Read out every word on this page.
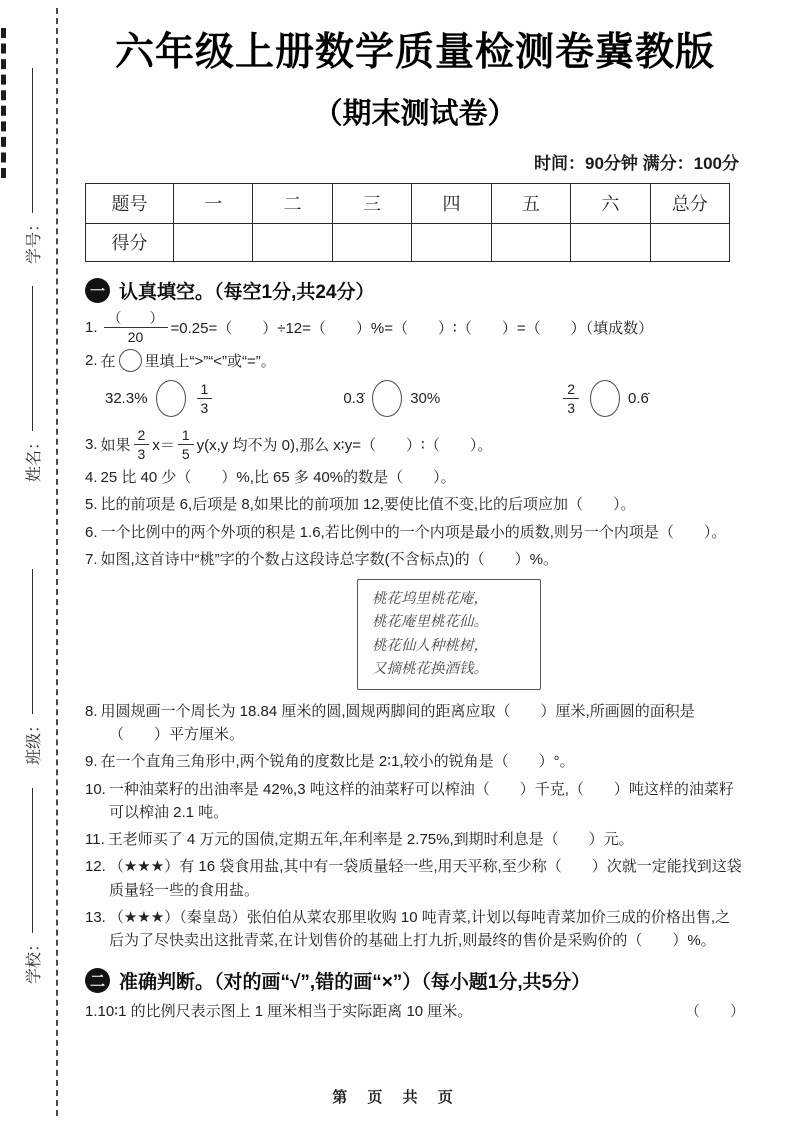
学号：
姓名：
班级：
学校：
六年级上册数学质量检测卷冀教版
（期末测试卷）
时间：90分钟 满分：100分
题号	一	二	三	四	五	六	总分
得分							
一 认真填空。（每空1分,共24分）
1. $\frac{( )}{20} =0.25=$（　　）÷12=（　　）%=（　　）∶（　　）=（　　）（填成数）
2. 在 里填上“>”“<”或“=”。
32.3%	$\frac{1}{3}$	0.3̇	30%	$\frac{2}{3}$	0.6̇
3. 如果 $\frac{2}{3} x= \frac{1}{5} y(x,y$ 均不为 0),那么 x∶y=（　　）∶（　　）。
4. 25 比 40 少（　　）%,比 65 多 40%的数是（　　）。
5. 比的前项是 6,后项是 8,如果比的前项加 12,要使比值不变,比的后项应加（　　）。
6. 一个比例中的两个外项的积是 1.6,若比例中的一个内项是最小的质数,则另一个内项是（　　）。
7. 如图,这首诗中“桃”字的个数占这段诗总字数(不含标点)的（　　）%。
桃花坞里桃花庵，
桃花庵里桃花仙。
桃花仙人种桃树，
又摘桃花换酒钱。
8. 用圆规画一个周长为 18.84 厘米的圆,圆规两脚间的距离应取（　　）厘米,所画圆的面积是（　　）平方厘米。
9. 在一个直角三角形中,两个锐角的度数比是 2∶1,较小的锐角是（　　）°。
10. 一种油菜籽的出油率是 42%,3 吨这样的油菜籽可以榨油（　　）千克,（　　）吨这样的油菜籽可以榨油 2.1 吨。
11. 王老师买了 4 万元的国债,定期五年,年利率是 2.75%,到期时利息是（　　）元。
12. （★★★）有 16 袋食用盐,其中有一袋质量轻一些,用天平称,至少称（　　）次就一定能找到这袋质量轻一些的食用盐。
13. （★★★）（秦皇岛）张伯伯从菜农那里收购 10 吨青菜,计划以每吨青菜加价三成的价格出售,之后为了尽快卖出这批青菜,在计划售价的基础上打九折,则最终的售价是采购价的（　　）%。
二 准确判断。（对的画“√”,错的画“×”）（每小题1分,共5分）
1.10∶1 的比例尺表示图上 1 厘米相当于实际距离 10 厘米。	（　　）
第 页 共 页
